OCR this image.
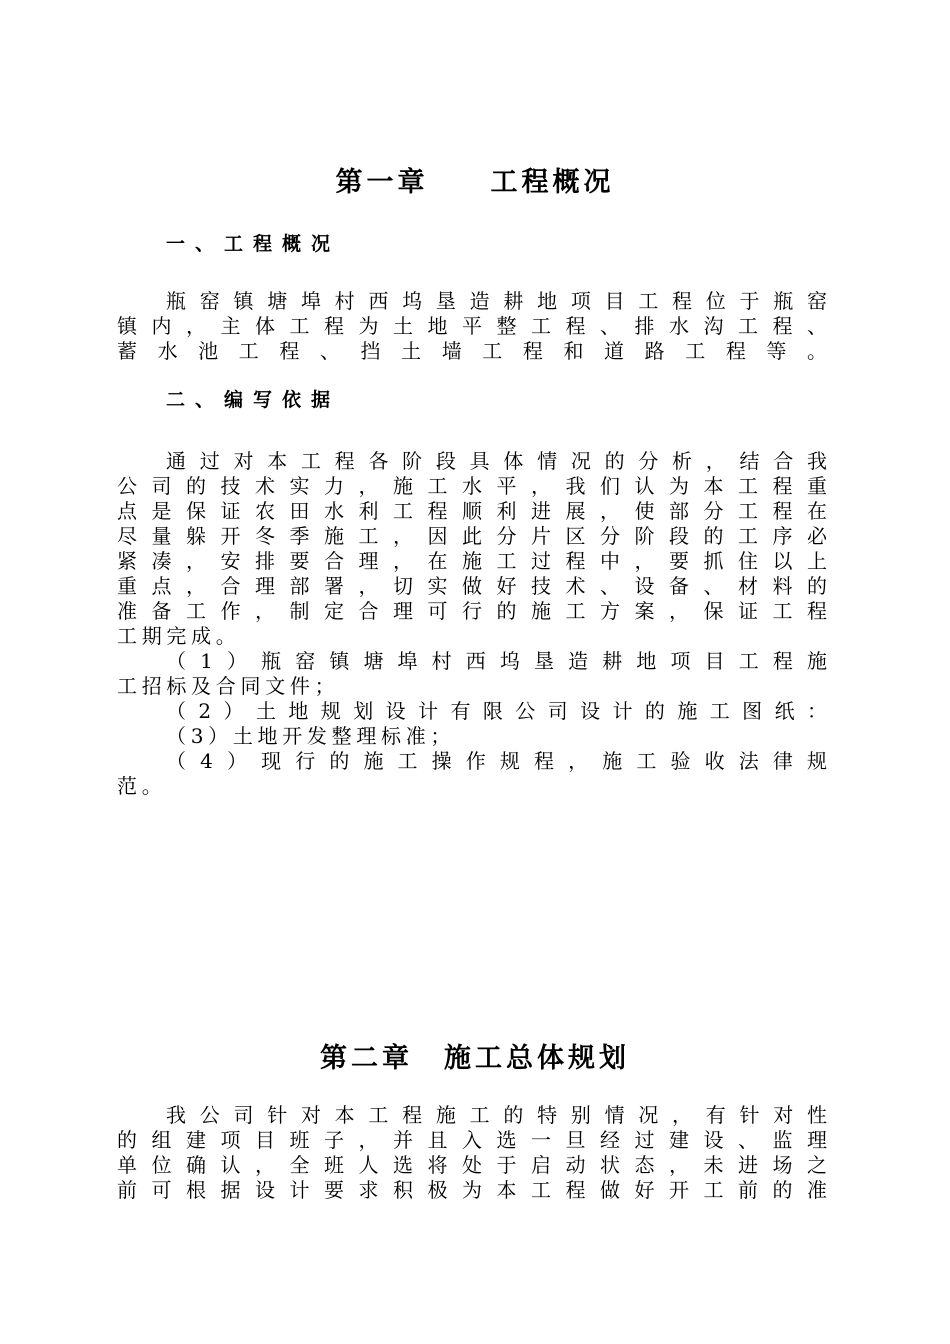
第一章　　工程概况
一、工程概况
瓶窑镇塘埠村西坞垦造耕地项目工程位于瓶窑
镇内，主体工程为土地平整工程、排水沟工程、
蓄水池工程、挡土墙工程和道路工程等。
二、编写依据
通过对本工程各阶段具体情况的分析，结合我
公司的技术实力，施工水平，我们认为本工程重
点是保证农田水利工程顺利进展，使部分工程在
尽量躲开冬季施工，因此分片区分阶段的工序必
紧凑，安排要合理，在施工过程中，要抓住以上
重点，合理部署，切实做好技术、设备、材料的
准备工作，制定合理可行的施工方案，保证工程
工期完成。
（1）瓶窑镇塘埠村西坞垦造耕地项目工程施
工招标及合同文件；
（2）土地规划设计有限公司设计的施工图纸：
（3）土地开发整理标准；
（4）现行的施工操作规程，施工验收法律规
范。
第二章　施工总体规划
我公司针对本工程施工的特别情况，有针对性
的组建项目班子，并且入选一旦经过建设、监理
单位确认，全班人选将处于启动状态，未进场之
前可根据设计要求积极为本工程做好开工前的准
